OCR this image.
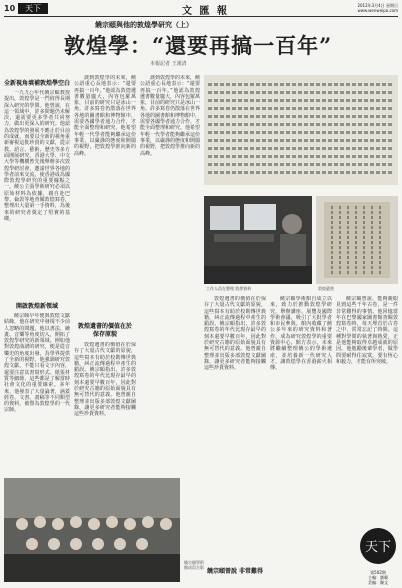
10	天下	文 匯 報
2012年3月4日 星期日
www.wenweipo.com
饒宗頤與他的敦煌學研究（上）
敦煌學：“還要再搞一百年”
本報記者 王漢清
全新視角填補敦煌學空白

一九九○年代饒宗頤教授提出，敦煌學是一門值得長期深入研究的學問。他曾說，在這一領域中，許多問題仍未解決，還需要更多學者共同努力，做出更深入的研究。他認為敦煌學的發展不應止於目前的成就，而要以全新的視角重新審視這批珍貴的文獻，從宗教、語言、藝術、歷史等多方面開展研究。香港大學、中文大學等機構曾先後舉辦多次敦煌學研討會，邀請世界各地的學者前來交流，使香港成為國際敦煌學研究的重要據點之一。饒公主張學術研究必須以原始材料為依據，親自赴巴黎、倫敦等地查閱敦煌寫卷，整理出大量第一手資料，為後來的研究者奠定了堅實的基礎。

開啟敦煌新領域

饒宗頤早年便與敦煌文獻結緣，他在研究中發現不少前人忽略的問題。他以書法、繪畫、音樂等角度切入，開拓了敦煌學研究的新領域。例如他對敦煌曲譜的研究，便是從音樂史的角度出發，為學界提供了全新的視野。他強調研究敦煌文獻，不能只看文字內容，還要注意其書寫形式、紙張材質等細節，這些都是了解當時社會文化的重要線索。多年來，他發表了大量論著，涵蓋經卷、文書、畫稿等不同類型的資料，被譽為敦煌學的一代宗師。

談到敦煌學的未來，饒公語重心長地表示：“還要再搞一百年。”他認為敦煌遺書數量龐大，內容包羅萬象，目前的研究只是冰山一角。許多寫卷仍散落在世界各地的圖書館和博物館中，需要各國學者通力合作，才能全面整理和研究。他希望年輕一代學者能夠繼承這份事業，以嚴謹的態度和開闊的視野，把敦煌學推向新的高峰。

敦煌遺書的價值在於保存原貌

敦煌遺書的價值在於保存了大量古代文獻的原貌，這些寫本有助於校勘傳世典籍，糾正流傳過程中產生的錯誤。饒宗頤指出，許多敦煌寫卷的年代比現存最早的刻本還要早數百年，因此對於研究古籍的原始面貌具有無可替代的意義。他曾親自整理並出版多部敦煌文獻圖錄，讓更多研究者能夠接觸這些珍貴資料。

談到敦煌學的未來，饒公語重心長地表示：“還要再搞一百年。”他認為敦煌遺書數量龐大，內容包羅萬象，目前的研究只是冰山一角。許多寫卷仍散落在世界各地的圖書館和博物館中，需要各國學者通力合作，才能全面整理和研究。他希望年輕一代學者能夠繼承這份事業，以嚴謹的態度和開闊的視野，把敦煌學推向新的高峰。

工作人員在整理 敦煌資料	敦煌遺書

敦煌遺書的價值在於保存了大量古代文獻的原貌，這些寫本有助於校勘傳世典籍，糾正流傳過程中產生的錯誤。饒宗頤指出，許多敦煌寫卷的年代比現存最早的刻本還要早數百年，因此對於研究古籍的原始面貌具有無可替代的意義。他曾親自整理並出版多部敦煌文獻圖錄，讓更多研究者能夠接觸這些珍貴資料。

饒宗頤學術館自成立以來，致力於推動敦煌學研究，舉辦講座、展覽及國際學術會議，吸引了大批學者和市民參與。館內收藏了饒公多年來的研究資料和著作，成為研究敦煌學的重要資源中心。館方表示，未來將繼續整理饒公的學術遺產，並培養新一代研究人才，讓敦煌學在香港薪火相傳。

饒宗頤曾說，能夠親眼見到這些千年古卷，是一件非常難得的事情。他回憶當年在巴黎國家圖書館查閱敦煌寫卷時，每天埋首於古卷之中，常常忘記了時間。這種對學問的執著與熱愛，正是他能夠取得卓越成就的原因。他勉勵後輩學者，做學問要耐得住寂寞，要有恆心和毅力，才能有所突破。

饒宗頤學術館成員合影
饒宗頤曾說 非常難得
天下
第502期
主編：劉曉
美編：陳文
